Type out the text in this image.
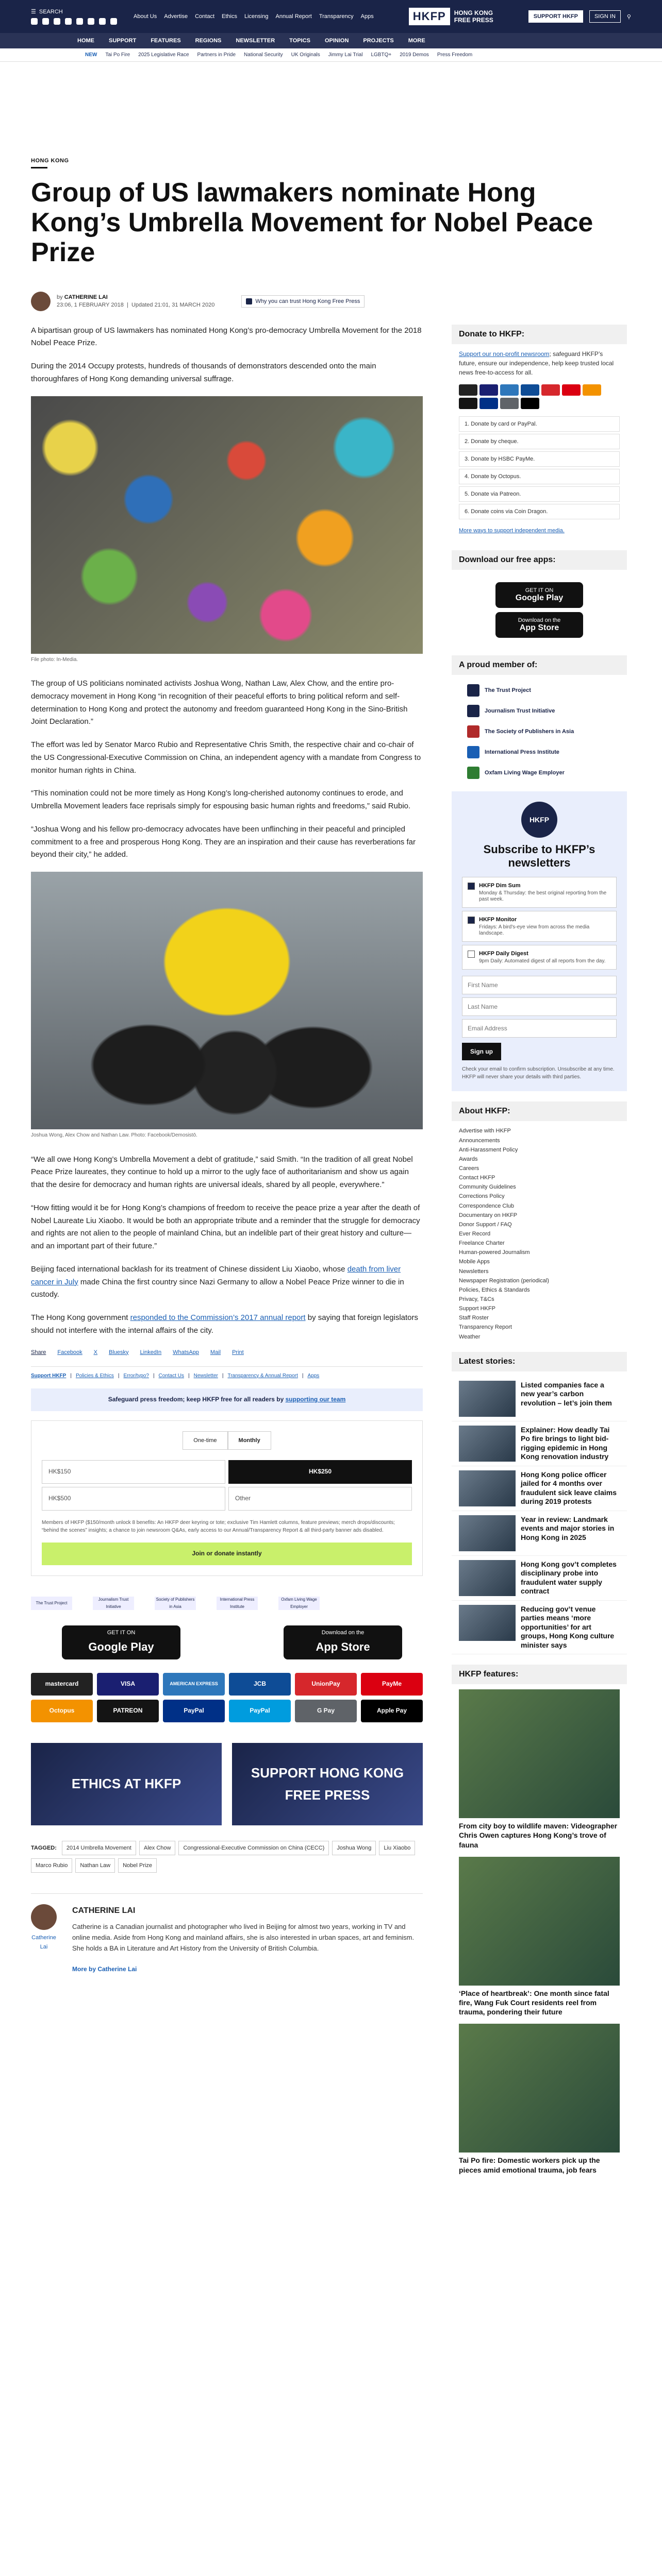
☰ SEARCH
About Us Advertise Contact Ethics Licensing Annual Report Transparency Apps	HKFP	HONG KONG
FREE PRESS	SUPPORT HKFP	SIGN IN	⚲
HOME	SUPPORT	FEATURES	REGIONS	NEWSLETTER	TOPICS	OPINION	PROJECTS	MORE
NEW Tai Po Fire 2025 Legislative Race Partners in Pride National Security UK Originals Jimmy Lai Trial LGBTQ+ 2019 Demos Press Freedom
HONG KONG
Group of US lawmakers nominate Hong Kong’s Umbrella Movement for Nobel Peace Prize
by CATHERINE LAI
23:06, 1 FEBRUARY 2018  |  Updated 21:01, 31 MARCH 2020
Why you can trust Hong Kong Free Press

A bipartisan group of US lawmakers has nominated Hong Kong’s pro-democracy Umbrella Movement for the 2018 Nobel Peace Prize.

During the 2014 Occupy protests, hundreds of thousands of demonstrators descended onto the main thoroughfares of Hong Kong demanding universal suffrage.

File photo: In-Media.

The group of US politicians nominated activists Joshua Wong, Nathan Law, Alex Chow, and the entire pro-democracy movement in Hong Kong “in recognition of their peaceful efforts to bring political reform and self-determination to Hong Kong and protect the autonomy and freedom guaranteed Hong Kong in the Sino-British Joint Declaration.”

The effort was led by Senator Marco Rubio and Representative Chris Smith, the respective chair and co-chair of the US Congressional-Executive Commission on China, an independent agency with a mandate from Congress to monitor human rights in China.

“This nomination could not be more timely as Hong Kong’s long-cherished autonomy continues to erode, and Umbrella Movement leaders face reprisals simply for espousing basic human rights and freedoms,” said Rubio.

“Joshua Wong and his fellow pro-democracy advocates have been unflinching in their peaceful and principled commitment to a free and prosperous Hong Kong. They are an inspiration and their cause has reverberations far beyond their city,” he added.

Joshua Wong, Alex Chow and Nathan Law. Photo: Facebook/Demosistō.

“We all owe Hong Kong’s Umbrella Movement a debt of gratitude,” said Smith. “In the tradition of all great Nobel Peace Prize laureates, they continue to hold up a mirror to the ugly face of authoritarianism and show us again that the desire for democracy and human rights are universal ideals, shared by all people, everywhere.”

“How fitting would it be for Hong Kong’s champions of freedom to receive the peace prize a year after the death of Nobel Laureate Liu Xiaobo. It would be both an appropriate tribute and a reminder that the struggle for democracy and rights are not alien to the people of mainland China, but an indelible part of their great history and culture—and an important part of their future.”

Beijing faced international backlash for its treatment of Chinese dissident Liu Xiaobo, whose death from liver cancer in July made China the first country since Nazi Germany to allow a Nobel Peace Prize winner to die in custody.

The Hong Kong government responded to the Commission’s 2017 annual report by saying that foreign legislators should not interfere with the internal affairs of the city.

Share Facebook X Bluesky LinkedIn WhatsApp Mail Print
Support HKFP | Policies & Ethics | Error/typo? | Contact Us | Newsletter | Transparency & Annual Report | Apps
Safeguard press freedom; keep HKFP free for all readers by supporting our team
One-time	Monthly
HK$150	HK$250
HK$500	Other
Members of HKFP ($150/month unlock 8 benefits: An HKFP deer keyring or tote; exclusive Tim Hamlett columns, feature previews; merch drops/discounts; “behind the scenes” insights; a chance to join newsroom Q&As, early access to our Annual/Transparency Report & all third-party banner ads disabled.
Join or donate instantly
The Trust Project
Journalism Trust Initiative
Society of Publishers in Asia
International Press Institute
Oxfam Living Wage Employer
GET IT ON
Google Play
Download on the
App Store
mastercard	VISA	AMERICAN EXPRESS	JCB	UnionPay	PayMe
Octopus	PATREON	PayPal	PayPal	G Pay	Apple Pay
ETHICS AT HKFP
SUPPORT HONG KONG FREE PRESS
TAGGED:	2014 Umbrella Movement	Alex Chow	Congressional-Executive Commission on China (CECC)	Joshua Wong	Liu Xiaobo
Marco Rubio	Nathan Law	Nobel Prize
Catherine Lai
CATHERINE LAI

Catherine is a Canadian journalist and photographer who lived in Beijing for almost two years, working in TV and online media. Aside from Hong Kong and mainland affairs, she is also interested in urban spaces, art and feminism. She holds a BA in Literature and Art History from the University of British Columbia.

More by Catherine Lai
Donate to HKFP:
Support our non-profit newsroom; safeguard HKFP’s future, ensure our independence, help keep trusted local news free-to-access for all.
1. Donate by card or PayPal.
2. Donate by cheque.
3. Donate by HSBC PayMe.
4. Donate by Octopus.
5. Donate via Patreon.
6. Donate coins via Coin Dragon.
More ways to support independent media.
Download our free apps:
GET IT ON
Google Play
Download on the
App Store
A proud member of:
The Trust Project
Journalism Trust Initiative
The Society of Publishers in Asia
International Press Institute
Oxfam Living Wage Employer
HKFP
Subscribe to HKFP’s newsletters
HKFP Dim Sum
Monday & Thursday: the best original reporting from the past week.
HKFP Monitor
Fridays: A bird's-eye view from across the media landscape.
HKFP Daily Digest
9pm Daily: Automated digest of all reports from the day.
First Name Last Name Email Address Sign up
Check your email to confirm subscription. Unsubscribe at any time. HKFP will never share your details with third parties.
About HKFP:
Advertise with HKFP
Announcements
Anti-Harassment Policy
Awards
Careers
Contact HKFP
Community Guidelines
Corrections Policy
Correspondence Club
Documentary on HKFP
Donor Support / FAQ
Ever Record
Freelance Charter
Human-powered Journalism
Mobile Apps
Newsletters
Newspaper Registration (periodical)
Policies, Ethics & Standards
Privacy, T&Cs
Support HKFP
Staff Roster
Transparency Report
Weather
Latest stories:
Listed companies face a new year’s carbon revolution – let’s join them
Explainer: How deadly Tai Po fire brings to light bid-rigging epidemic in Hong Kong renovation industry
Hong Kong police officer jailed for 4 months over fraudulent sick leave claims during 2019 protests
Year in review: Landmark events and major stories in Hong Kong in 2025
Hong Kong gov’t completes disciplinary probe into fraudulent water supply contract
Reducing gov’t venue parties means ‘more opportunities’ for art groups, Hong Kong culture minister says
HKFP features:
From city boy to wildlife maven: Videographer Chris Owen captures Hong Kong’s trove of fauna
‘Place of heartbreak’: One month since fatal fire, Wang Fuk Court residents reel from trauma, pondering their future
Tai Po fire: Domestic workers pick up the pieces amid emotional trauma, job fears
